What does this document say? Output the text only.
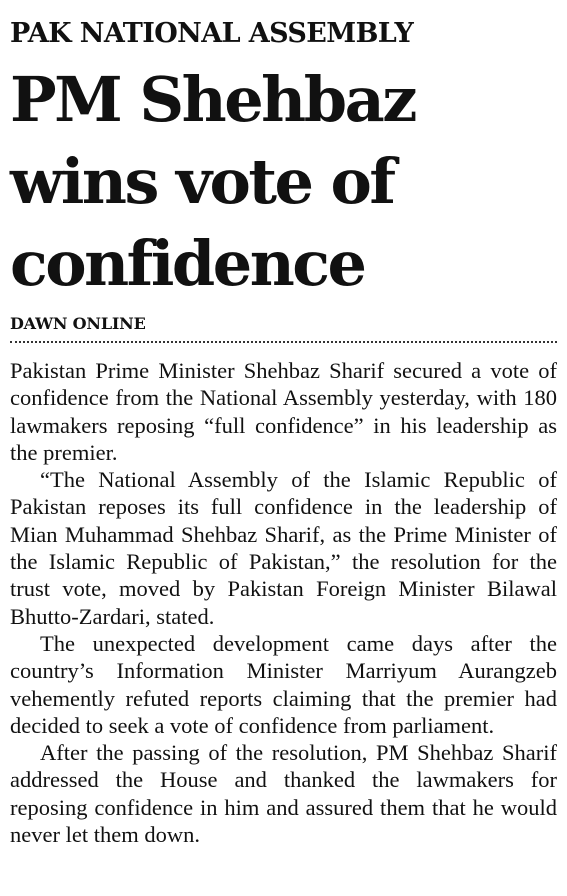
PAK NATIONAL ASSEMBLY
PM Shehbaz wins vote of confidence
DAWN ONLINE

Pakistan Prime Minister Shehbaz Sharif secured a vote of confidence from the National Assembly yesterday, with 180 lawmakers reposing “full confidence” in his leadership as the premier.

“The National Assembly of the Islamic Republic of Pakistan reposes its full confidence in the leadership of Mian Muhammad Shehbaz Sharif, as the Prime Minister of the Islamic Republic of Pakistan,” the resolution for the trust vote, moved by Pakistan Foreign Minister Bilawal Bhutto-Zardari, stated.

The unexpected development came days after the country’s Information Minister Marriyum Aurangzeb vehemently refuted reports claiming that the premier had decided to seek a vote of confidence from parliament.

After the passing of the resolution, PM Shehbaz Sharif addressed the House and thanked the lawmakers for reposing confidence in him and assured them that he would never let them down.
